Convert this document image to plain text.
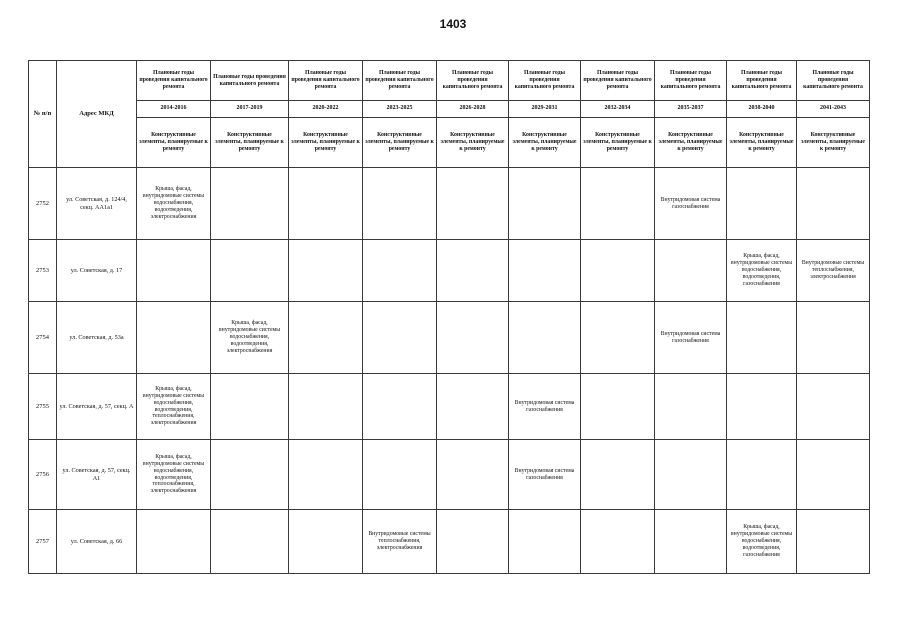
1403
№ п/п	Адрес МКД	Плановые годы проведения капитального ремонта	Плановые годы проведения капитального ремонта	Плановые годы проведения капитального ремонта	Плановые годы проведения капитального ремонта	Плановые годы проведения капитального ремонта	Плановые годы проведения капитального ремонта	Плановые годы проведения капитального ремонта	Плановые годы проведения капитального ремонта	Плановые годы проведения капитального ремонта	Плановые годы проведения капитального ремонта
		2014-2016	2017-2019	2020-2022	2023-2025	2026-2028	2029-2031	2032-2034	2035-2037	2038-2040	2041-2043
		Конструктивные элементы, планируемые к ремонту	Конструктивные элементы, планируемые к ремонту	Конструктивные элементы, планируемые к ремонту	Конструктивные элементы, планируемые к ремонту	Конструктивные элементы, планируемые к ремонту	Конструктивные элементы, планируемые к ремонту	Конструктивные элементы, планируемые к ремонту	Конструктивные элементы, планируемые к ремонту	Конструктивные элементы, планируемые к ремонту	Конструктивные элементы, планируемые к ремонту
2752	ул. Советская, д. 124/4, секц. АА1а1	Крыша, фасад, внутридомовые системы водоснабжения, водоотведения, электроснабжения							Внутридомовая система газоснабжения		
2753	ул. Советская, д. 17									Крыша, фасад, внутридомовые системы водоснабжения, водоотведения, газоснабжения	Внутридомовые системы теплоснабжения, электроснабжения
2754	ул. Советская, д. 53а		Крыша, фасад, внутридомовые системы водоснабжения, водоотведения, электроснабжения						Внутридомовая система газоснабжения		
2755	ул. Советская, д. 57, секц. А	Крыша, фасад, внутридомовые системы водоснабжения, водоотведения, теплоснабжения, электроснабжения					Внутридомовая система газоснабжения				
2756	ул. Советская, д. 57, секц. А1	Крыша, фасад, внутридомовые системы водоснабжения, водоотведения, теплоснабжения, электроснабжения					Внутридомовая система газоснабжения				
2757	ул. Советская, д. 66				Внутридомовые системы теплоснабжения, электроснабжения					Крыша, фасад, внутридомовые системы водоснабжения, водоотведения, газоснабжения	
